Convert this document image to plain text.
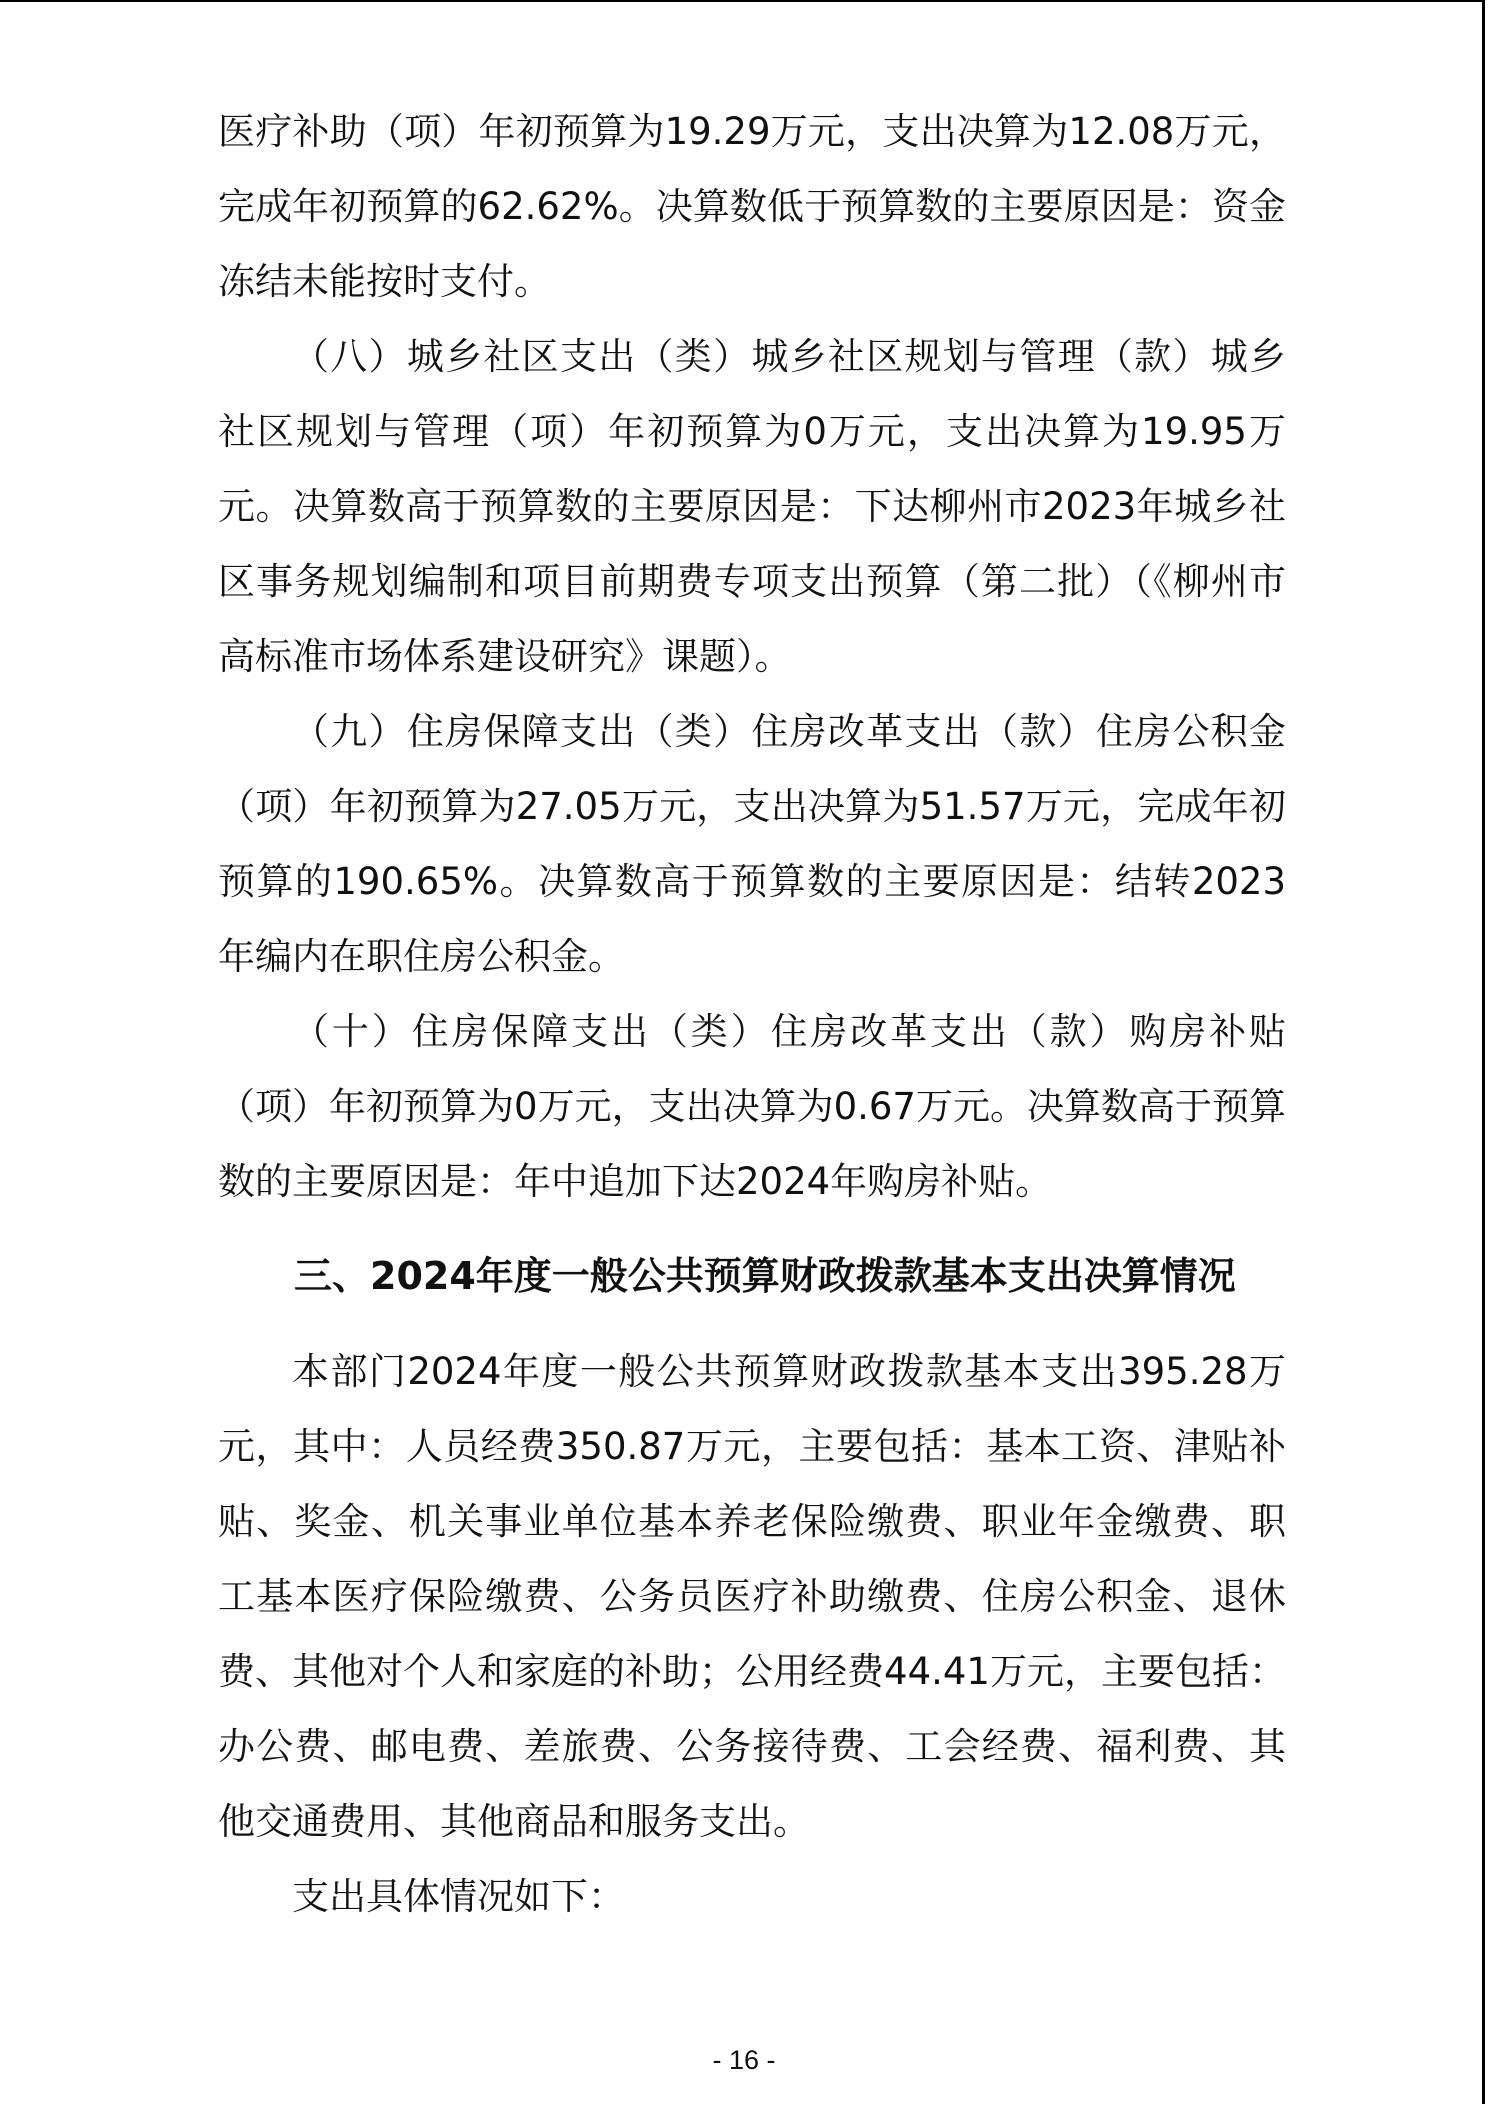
医疗补助（项）年初预算为19.29万元，支出决算为12.08万元，完成年初预算的62.62%。决算数低于预算数的主要原因是：资金冻结未能按时支付。

（八）城乡社区支出（类）城乡社区规划与管理（款）城乡社区规划与管理（项）年初预算为0万元，支出决算为19.95万元。决算数高于预算数的主要原因是：下达柳州市2023年城乡社区事务规划编制和项目前期费专项支出预算（第二批）（《柳州市高标准市场体系建设研究》课题）。

（九）住房保障支出（类）住房改革支出（款）住房公积金（项）年初预算为27.05万元，支出决算为51.57万元，完成年初预算的190.65%。决算数高于预算数的主要原因是：结转2023年编内在职住房公积金。

（十）住房保障支出（类）住房改革支出（款）购房补贴（项）年初预算为0万元，支出决算为0.67万元。决算数高于预算数的主要原因是：年中追加下达2024年购房补贴。

三、2024年度一般公共预算财政拨款基本支出决算情况

本部门2024年度一般公共预算财政拨款基本支出395.28万元，其中：人员经费350.87万元，主要包括：基本工资、津贴补贴、奖金、机关事业单位基本养老保险缴费、职业年金缴费、职工基本医疗保险缴费、公务员医疗补助缴费、住房公积金、退休费、其他对个人和家庭的补助；公用经费44.41万元，主要包括：办公费、邮电费、差旅费、公务接待费、工会经费、福利费、其他交通费用、其他商品和服务支出。

支出具体情况如下：

- 16 -
